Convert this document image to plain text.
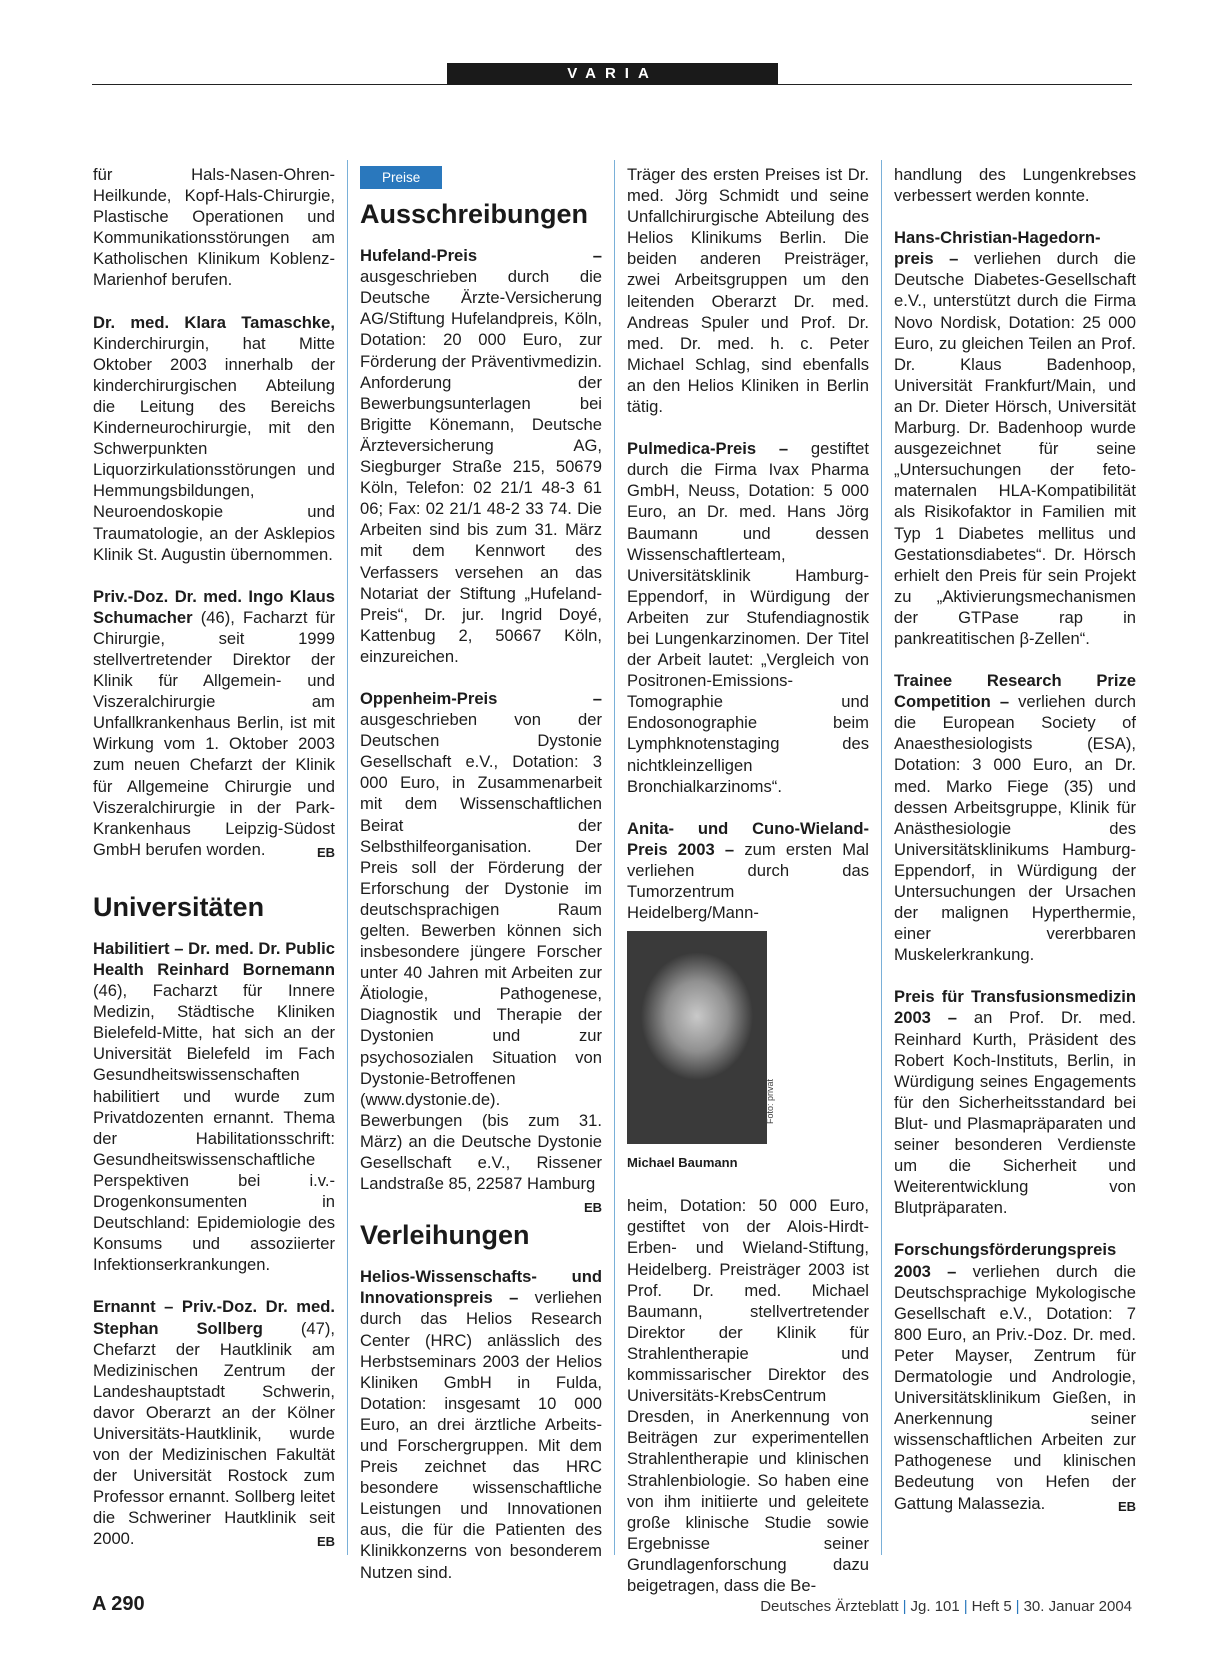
VARIA

für Hals-Nasen-Ohren-Heilkunde, Kopf-Hals-Chirurgie, Plastische Operationen und Kommunikationsstörungen am Katholischen Klinikum Koblenz-Marienhof berufen.

Dr. med. Klara Tamaschke, Kinderchirurgin, hat Mitte Oktober 2003 innerhalb der kinderchirurgischen Abteilung die Leitung des Bereichs Kinderneurochirurgie, mit den Schwerpunkten Liquorzirkulationsstörungen und Hemmungsbildungen, Neuroendoskopie und Traumatologie, an der Asklepios Klinik St. Augustin übernommen.

Priv.-Doz. Dr. med. Ingo Klaus Schumacher (46), Facharzt für Chirurgie, seit 1999 stellvertretender Direktor der Klinik für Allgemein- und Viszeralchirurgie am Unfallkrankenhaus Berlin, ist mit Wirkung vom 1. Oktober 2003 zum neuen Chefarzt der Klinik für Allgemeine Chirurgie und Viszeralchirurgie in der Park-Krankenhaus Leipzig-Südost GmbH berufen worden.	EB

Universitäten

Habilitiert – Dr. med. Dr. Public Health Reinhard Bornemann (46), Facharzt für Innere Medizin, Städtische Kliniken Bielefeld-Mitte, hat sich an der Universität Bielefeld im Fach Gesundheitswissenschaften habilitiert und wurde zum Privatdozenten ernannt. Thema der Habilitationsschrift: Gesundheitswissenschaftliche Perspektiven bei i.v.-Drogenkonsumenten in Deutschland: Epidemiologie des Konsums und assoziierter Infektionserkrankungen.

Ernannt – Priv.-Doz. Dr. med. Stephan Sollberg (47), Chefarzt der Hautklinik am Medizinischen Zentrum der Landeshauptstadt Schwerin, davor Oberarzt an der Kölner Universitäts-Hautklinik, wurde von der Medizinischen Fakultät der Universität Rostock zum Professor ernannt. Sollberg leitet die Schweriner Hautklinik seit 2000.	EB

Preise
Ausschreibungen

Hufeland-Preis – ausgeschrieben durch die Deutsche Ärzte-Versicherung AG/Stiftung Hufelandpreis, Köln, Dotation: 20 000 Euro, zur Förderung der Präventivmedizin. Anforderung der Bewerbungsunterlagen bei Brigitte Könemann, Deutsche Ärzteversicherung AG, Siegburger Straße 215, 50679 Köln, Telefon: 02 21/1 48-3 61 06; Fax: 02 21/1 48-2 33 74. Die Arbeiten sind bis zum 31. März mit dem Kennwort des Verfassers versehen an das Notariat der Stiftung „Hufeland-Preis“, Dr. jur. Ingrid Doyé, Kattenbug 2, 50667 Köln, einzureichen.

Oppenheim-Preis – ausgeschrieben von der Deutschen Dystonie Gesellschaft e.V., Dotation: 3 000 Euro, in Zusammenarbeit mit dem Wissenschaftlichen Beirat der Selbsthilfeorganisation. Der Preis soll der Förderung der Erforschung der Dystonie im deutschsprachigen Raum gelten. Bewerben können sich insbesondere jüngere Forscher unter 40 Jahren mit Arbeiten zur Ätiologie, Pathogenese, Diagnostik und Therapie der Dystonien und zur psychosozialen Situation von Dystonie-Betroffenen (www.dystonie.de). Bewerbungen (bis zum 31. März) an die Deutsche Dystonie Gesellschaft e.V., Rissener Landstraße 85, 22587 Hamburg
EB

Verleihungen

Helios-Wissenschafts- und Innovationspreis – verliehen durch das Helios Research Center (HRC) anlässlich des Herbstseminars 2003 der Helios Kliniken GmbH in Fulda, Dotation: insgesamt 10 000 Euro, an drei ärztliche Arbeits- und Forschergruppen. Mit dem Preis zeichnet das HRC besondere wissenschaftliche Leistungen und Innovationen aus, die für die Patienten des Klinikkonzerns von besonderem Nutzen sind.

Träger des ersten Preises ist Dr. med. Jörg Schmidt und seine Unfallchirurgische Abteilung des Helios Klinikums Berlin. Die beiden anderen Preisträger, zwei Arbeitsgruppen um den leitenden Oberarzt Dr. med. Andreas Spuler und Prof. Dr. med. Dr. med. h. c. Peter Michael Schlag, sind ebenfalls an den Helios Kliniken in Berlin tätig.

Pulmedica-Preis – gestiftet durch die Firma Ivax Pharma GmbH, Neuss, Dotation: 5 000 Euro, an Dr. med. Hans Jörg Baumann und dessen Wissenschaftlerteam, Universitätsklinik Hamburg-Eppendorf, in Würdigung der Arbeiten zur Stufendiagnostik bei Lungenkarzinomen. Der Titel der Arbeit lautet: „Vergleich von Positronen-Emissions-Tomographie und Endosonographie beim Lymphknotenstaging des nichtkleinzelligen Bronchialkarzinoms“.

Anita- und Cuno-Wieland-Preis 2003 – zum ersten Mal verliehen durch das Tumorzentrum Heidelberg/Mann-

Foto: privat
Michael Baumann

heim, Dotation: 50 000 Euro, gestiftet von der Alois-Hirdt-Erben- und Wieland-Stiftung, Heidelberg. Preisträger 2003 ist Prof. Dr. med. Michael Baumann, stellvertretender Direktor der Klinik für Strahlentherapie und kommissarischer Direktor des Universitäts-KrebsCentrum Dresden, in Anerkennung von Beiträgen zur experimentellen Strahlentherapie und klinischen Strahlenbiologie. So haben eine von ihm initiierte und geleitete große klinische Studie sowie Ergebnisse seiner Grundlagenforschung dazu beigetragen, dass die Be-

handlung des Lungenkrebses verbessert werden konnte.

Hans-Christian-Hagedorn-preis – verliehen durch die Deutsche Diabetes-Gesellschaft e.V., unterstützt durch die Firma Novo Nordisk, Dotation: 25 000 Euro, zu gleichen Teilen an Prof. Dr. Klaus Badenhoop, Universität Frankfurt/Main, und an Dr. Dieter Hörsch, Universität Marburg. Dr. Badenhoop wurde ausgezeichnet für seine „Untersuchungen der feto-maternalen HLA-Kompatibilität als Risikofaktor in Familien mit Typ 1 Diabetes mellitus und Gestationsdiabetes“. Dr. Hörsch erhielt den Preis für sein Projekt zu „Aktivierungsmechanismen der GTPase rap in pankreatitischen β-Zellen“.

Trainee Research Prize Competition – verliehen durch die European Society of Anaesthesiologists (ESA), Dotation: 3 000 Euro, an Dr. med. Marko Fiege (35) und dessen Arbeitsgruppe, Klinik für Anästhesiologie des Universitätsklinikums Hamburg-Eppendorf, in Würdigung der Untersuchungen der Ursachen der malignen Hyperthermie, einer vererbbaren Muskelerkrankung.

Preis für Transfusionsmedizin 2003 – an Prof. Dr. med. Reinhard Kurth, Präsident des Robert Koch-Instituts, Berlin, in Würdigung seines Engagements für den Sicherheitsstandard bei Blut- und Plasmapräparaten und seiner besonderen Verdienste um die Sicherheit und Weiterentwicklung von Blutpräparaten.

Forschungsförderungspreis 2003 – verliehen durch die Deutschsprachige Mykologische Gesellschaft e.V., Dotation: 7 800 Euro, an Priv.-Doz. Dr. med. Peter Mayser, Zentrum für Dermatologie und Andrologie, Universitätsklinikum Gießen, in Anerkennung seiner wissenschaftlichen Arbeiten zur Pathogenese und klinischen Bedeutung von Hefen der Gattung Malassezia.	EB

A 290	Deutsches Ärzteblatt | Jg. 101 | Heft 5 | 30. Januar 2004
